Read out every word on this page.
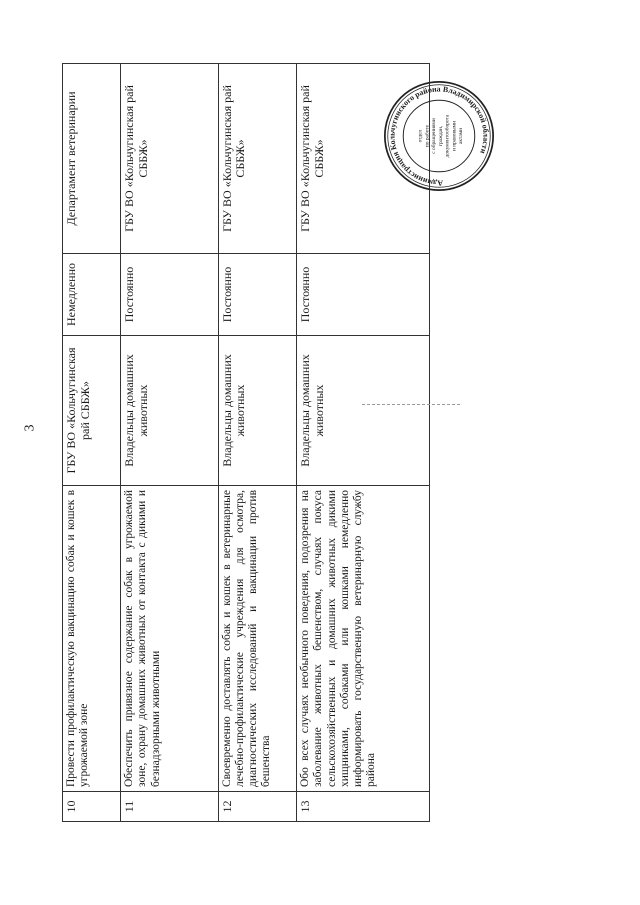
3
10	Провести профилактическую вакцинацию собак и кошек в угрожаемой зоне	ГБУ ВО «Кольчугинская рай СББЖ»	Немедленно	Департамент ветеринарии
11	Обеспечить привязное содержание собак в угрожаемой зоне, охрану домашних животных от контакта с дикими и безнадзорными животными	Владельцы домашних животных	Постоянно	ГБУ ВО «Кольчугинская рай СББЖ»
12	Своевременно доставлять собак и кошек в ветеринарные лечебно-профилактические учреждения для осмотра, диагностических исследований и вакцинации против бешенства	Владельцы домашних животных	Постоянно	ГБУ ВО «Кольчугинская рай СББЖ»
13	Обо всех случаях необычного поведения, подозрения на заболевание животных бешенством, случаях покуса сельскохозяйственных и домашних животных дикими хищниками, собаками или кошками немедленно информировать государственную ветеринарную службу района	Владельцы домашних животных	Постоянно	ГБУ ВО «Кольчугинская рай СББЖ»
Администрация Кольчугинского района Владимирской области
отдел по работе с обращениями граждан, документооборота и правовыми актами
